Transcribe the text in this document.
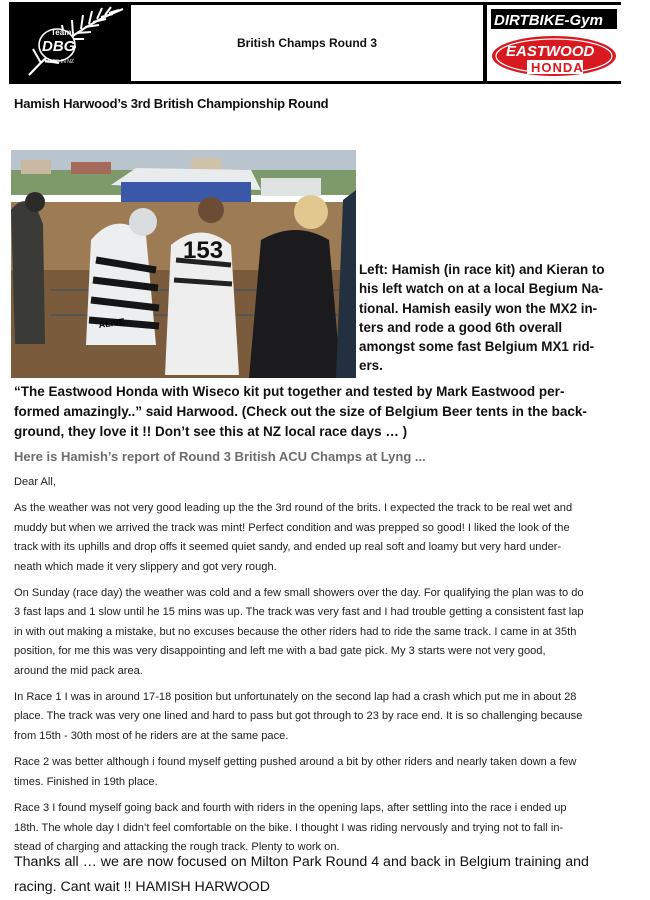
Team
DBG
MADE IN NZ
British Champs Round 3
DIRTBIKE-Gym
EASTWOOD
HONDA
Hamish Harwood’s 3rd British Championship Round
153
ALIVE
Left: Hamish (in race kit) and Kieran to
his left watch on at a local Begium Na-
tional. Hamish easily won the MX2 in-
ters and rode a good 6th overall
amongst some fast Belgium MX1 rid-
ers.
“The Eastwood Honda with Wiseco kit put together and tested by Mark Eastwood per-
formed amazingly..” said Harwood. (Check out the size of Belgium Beer tents in the back-
ground, they love it !! Don’t see this at NZ local race days … )
Here is Hamish’s report of Round 3 British ACU Champs at Lyng ...

Dear All,

As the weather was not very good leading up the the 3rd round of the brits. I expected the track to be real wet and
muddy but when we arrived the track was mint! Perfect condition and was prepped so good! I liked the look of the
track with its uphills and drop offs it seemed quiet sandy, and ended up real soft and loamy but very hard under-
neath which made it very slippery and got very rough.

On Sunday (race day) the weather was cold and a few small showers over the day. For qualifying the plan was to do
3 fast laps and 1 slow until he 15 mins was up. The track was very fast and I had trouble getting a consistent fast lap
in with out making a mistake, but no excuses because the other riders had to ride the same track. I came in at 35th
position, for me this was very disappointing and left me with a bad gate pick. My 3 starts were not very good,
around the mid pack area.

In Race 1 I was in around 17-18 position but unfortunately on the second lap had a crash which put me in about 28
place. The track was very one lined and hard to pass but got through to 23 by race end. It is so challenging because
from 15th - 30th most of he riders are at the same pace.

Race 2 was better although i found myself getting pushed around a bit by other riders and nearly taken down a few
times. Finished in 19th place.

Race 3 I found myself going back and fourth with riders in the opening laps, after settling into the race i ended up
18th. The whole day I didn’t feel comfortable on the bike. I thought I was riding nervously and trying not to fall in-
stead of charging and attacking the rough track. Plenty to work on.

Thanks all … we are now focused on Milton Park Round 4 and back in Belgium training and
racing. Cant wait !! HAMISH HARWOOD
